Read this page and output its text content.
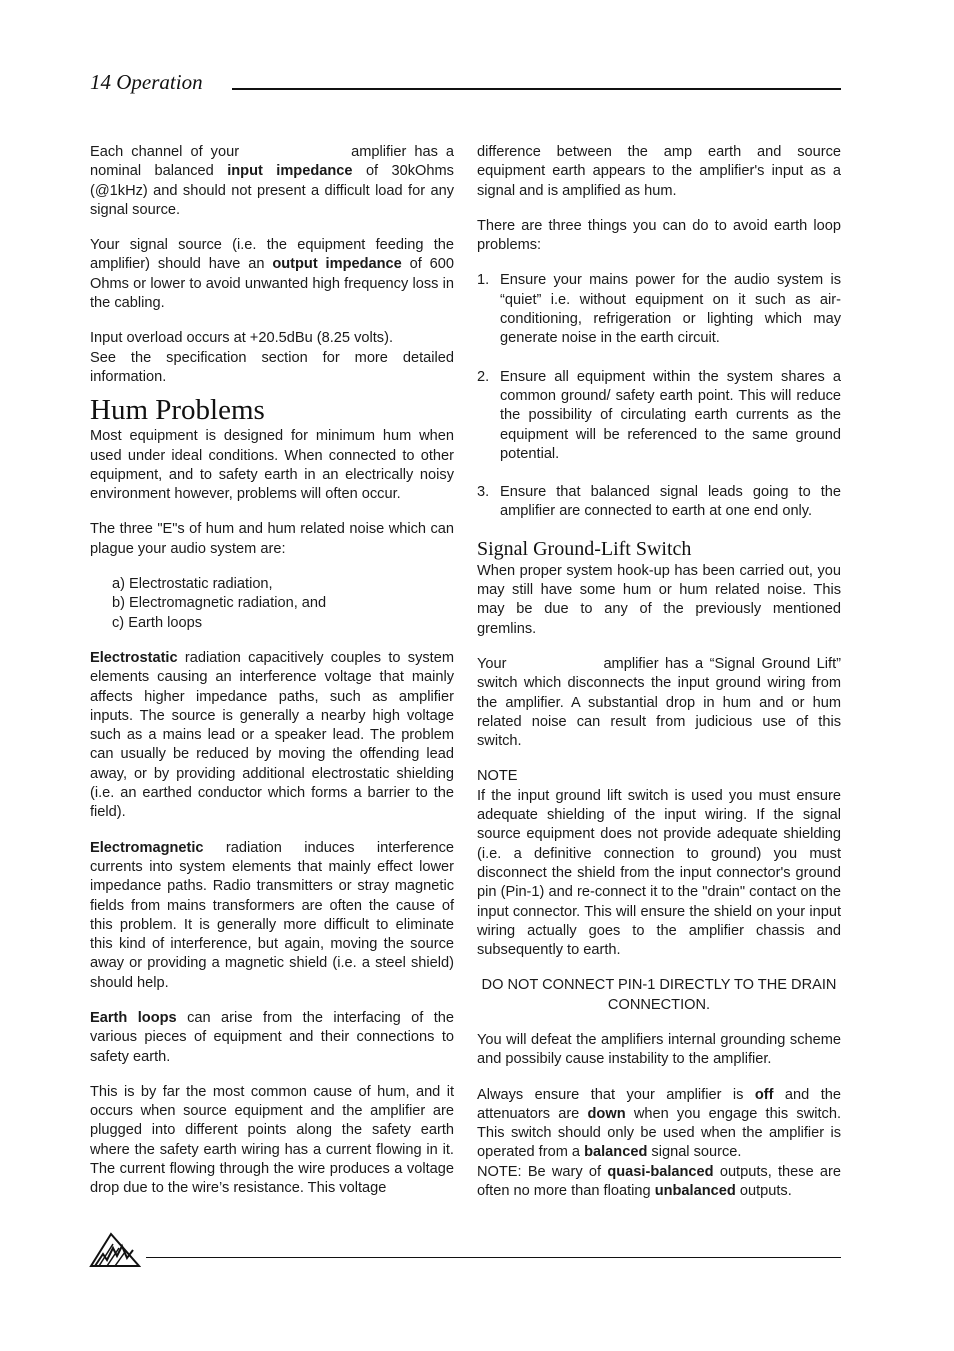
14 Operation

Each channel of your	amplifier has a nominal balanced input impedance of 30kOhms (@1kHz) and should not present a difficult load for any signal source.

Your signal source (i.e. the equipment feeding the amplifier) should have an output impedance of 600 Ohms or lower to avoid unwanted high frequency loss in the cabling.

Input overload occurs at +20.5dBu (8.25 volts).
See the specification section for more detailed information.

Hum Problems

Most equipment is designed for minimum hum when used under ideal conditions. When connected to other equipment, and to safety earth in an electrically noisy environment however, problems will often occur.

The three "E"s of hum and hum related noise which can plague your audio system are:

a) Electrostatic radiation,
b) Electromagnetic radiation, and
c) Earth loops

Electrostatic radiation capacitively couples to system elements causing an interference voltage that mainly affects higher impedance paths, such as amplifier inputs. The source is generally a nearby high voltage such as a mains lead or a speaker lead. The problem can usually be reduced by moving the offending lead away, or by providing additional electrostatic shielding (i.e. an earthed conductor which forms a barrier to the field).

Electromagnetic radiation induces interference currents into system elements that mainly effect lower impedance paths. Radio transmitters or stray magnetic fields from mains transformers are often the cause of this problem. It is generally more difficult to eliminate this kind of interference, but again, moving the source away or providing a magnetic shield (i.e. a steel shield) should help.

Earth loops can arise from the interfacing of the various pieces of equipment and their connections to safety earth.

This is by far the most common cause of hum, and it occurs when source equipment and the amplifier are plugged into different points along the safety earth where the safety earth wiring has a current flowing in it. The current flowing through the wire produces a voltage drop due to the wire’s resistance. This voltage

difference between the amp earth and source equipment earth appears to the amplifier's input as a signal and is amplified as hum.

There are three things you can do to avoid earth loop problems:

1. Ensure your mains power for the audio system is “quiet” i.e. without equipment on it such as air-conditioning, refrigeration or lighting which may generate noise in the earth circuit.
2. Ensure all equipment within the system shares a common ground/ safety earth point. This will reduce the possibility of circulating earth currents as the equipment will be referenced to the same ground potential.
3. Ensure that balanced signal leads going to the amplifier are connected to earth at one end only.
Signal Ground-Lift Switch

When proper system hook-up has been carried out, you may still have some hum or hum related noise. This may be due to any of the previously mentioned gremlins.

Your	amplifier has a “Signal Ground Lift” switch which disconnects the input ground wiring from the amplifier. A substantial drop in hum and or hum related noise can result from judicious use of this switch.

NOTE

If the input ground lift switch is used you must ensure adequate shielding of the input wiring. If the signal source equipment does not provide adequate shielding (i.e. a definitive connection to ground) you must disconnect the shield from the input connector's ground pin (Pin-1) and re-connect it to the "drain" contact on the input connector. This will ensure the shield on your input wiring actually goes to the amplifier chassis and subsequently to earth.

DO NOT CONNECT PIN-1 DIRECTLY TO THE DRAIN CONNECTION.

You will defeat the amplifiers internal grounding scheme and possibily cause instability to the amplifier.

Always ensure that your amplifier is off and the attenuators are down when you engage this switch. This switch should only be used when the amplifier is operated from a balanced signal source.

NOTE: Be wary of quasi-balanced outputs, these are often no more than floating unbalanced outputs.
